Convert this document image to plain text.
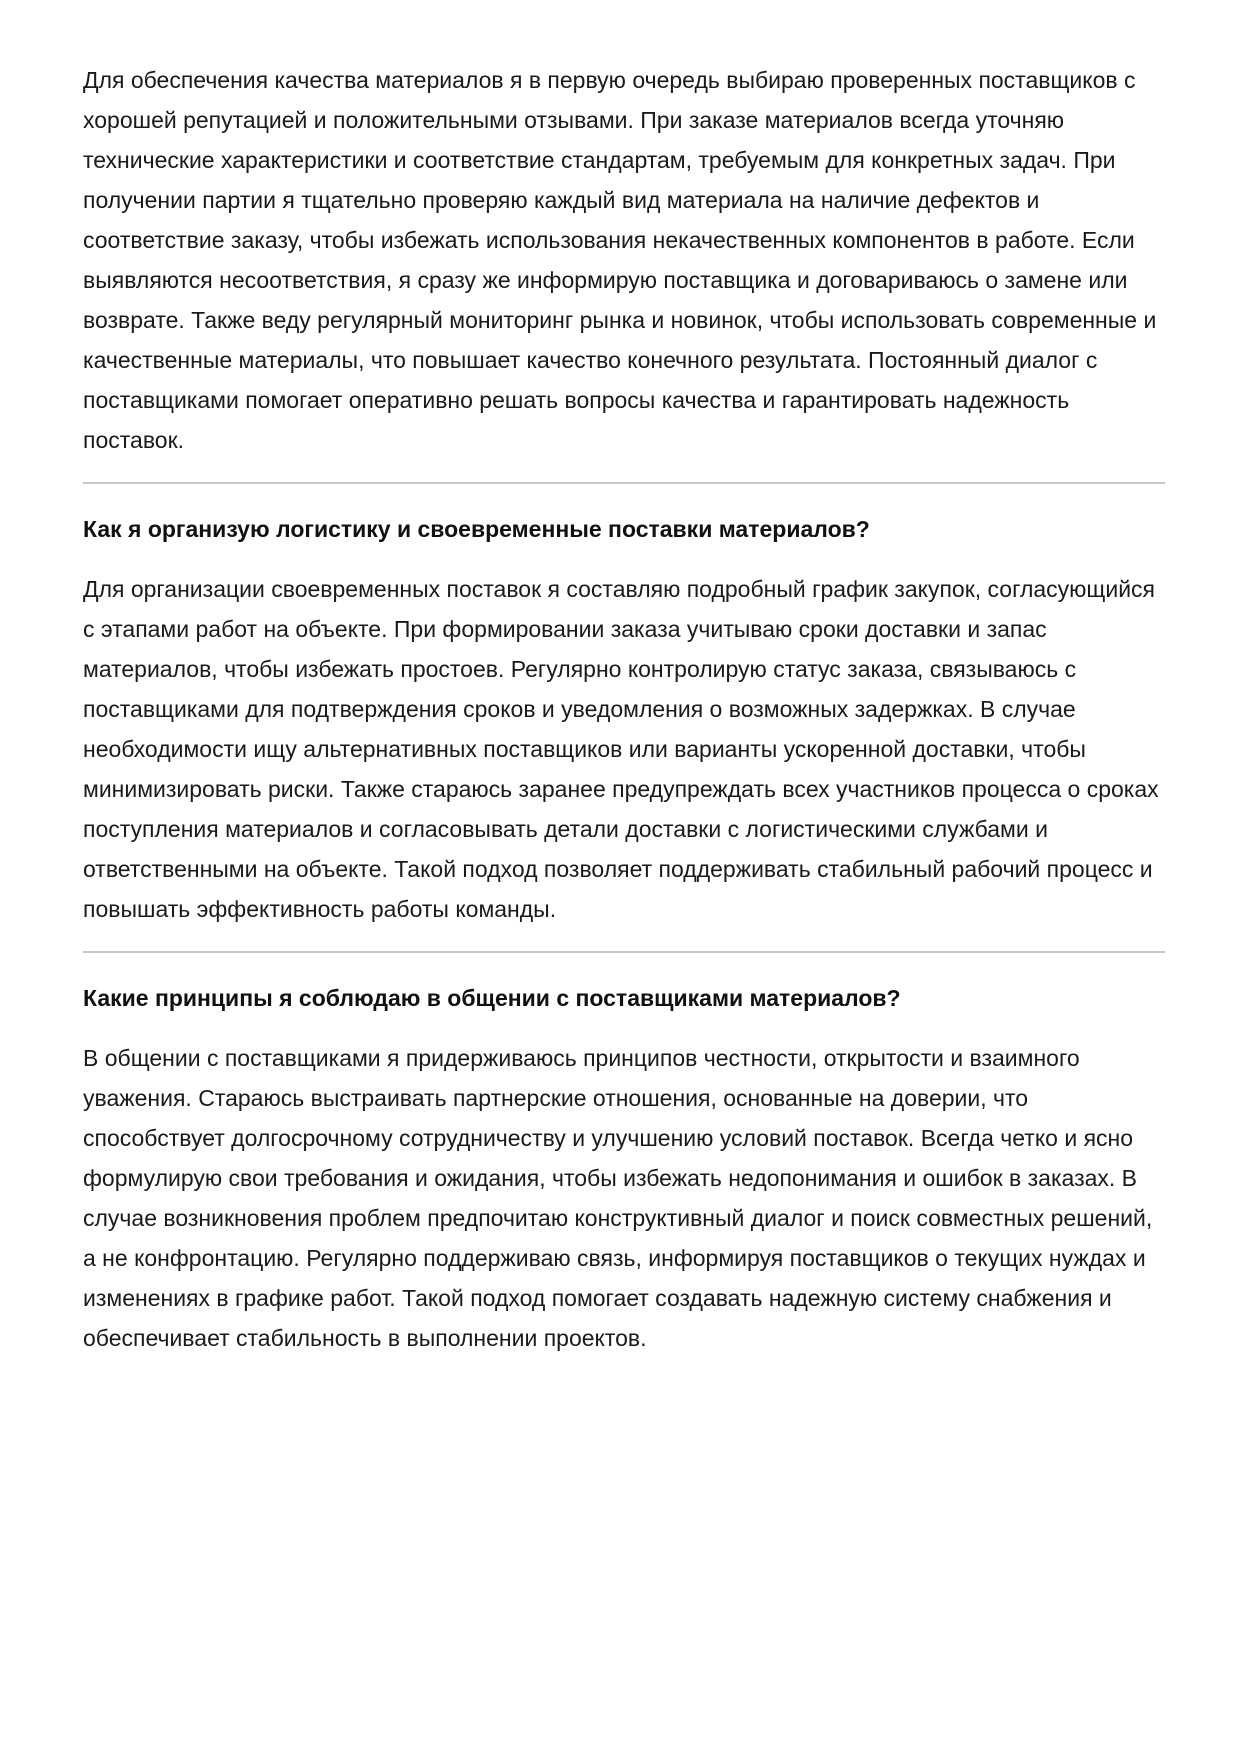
Для обеспечения качества материалов я в первую очередь выбираю проверенных поставщиков с хорошей репутацией и положительными отзывами. При заказе материалов всегда уточняю технические характеристики и соответствие стандартам, требуемым для конкретных задач. При получении партии я тщательно проверяю каждый вид материала на наличие дефектов и соответствие заказу, чтобы избежать использования некачественных компонентов в работе. Если выявляются несоответствия, я сразу же информирую поставщика и договариваюсь о замене или возврате. Также веду регулярный мониторинг рынка и новинок, чтобы использовать современные и качественные материалы, что повышает качество конечного результата. Постоянный диалог с поставщиками помогает оперативно решать вопросы качества и гарантировать надежность поставок.

Как я организую логистику и своевременные поставки материалов?

Для организации своевременных поставок я составляю подробный график закупок, согласующийся с этапами работ на объекте. При формировании заказа учитываю сроки доставки и запас материалов, чтобы избежать простоев. Регулярно контролирую статус заказа, связываюсь с поставщиками для подтверждения сроков и уведомления о возможных задержках. В случае необходимости ищу альтернативных поставщиков или варианты ускоренной доставки, чтобы минимизировать риски. Также стараюсь заранее предупреждать всех участников процесса о сроках поступления материалов и согласовывать детали доставки с логистическими службами и ответственными на объекте. Такой подход позволяет поддерживать стабильный рабочий процесс и повышать эффективность работы команды.

Какие принципы я соблюдаю в общении с поставщиками материалов?

В общении с поставщиками я придерживаюсь принципов честности, открытости и взаимного уважения. Стараюсь выстраивать партнерские отношения, основанные на доверии, что способствует долгосрочному сотрудничеству и улучшению условий поставок. Всегда четко и ясно формулирую свои требования и ожидания, чтобы избежать недопонимания и ошибок в заказах. В случае возникновения проблем предпочитаю конструктивный диалог и поиск совместных решений, а не конфронтацию. Регулярно поддерживаю связь, информируя поставщиков о текущих нуждах и изменениях в графике работ. Такой подход помогает создавать надежную систему снабжения и обеспечивает стабильность в выполнении проектов.
